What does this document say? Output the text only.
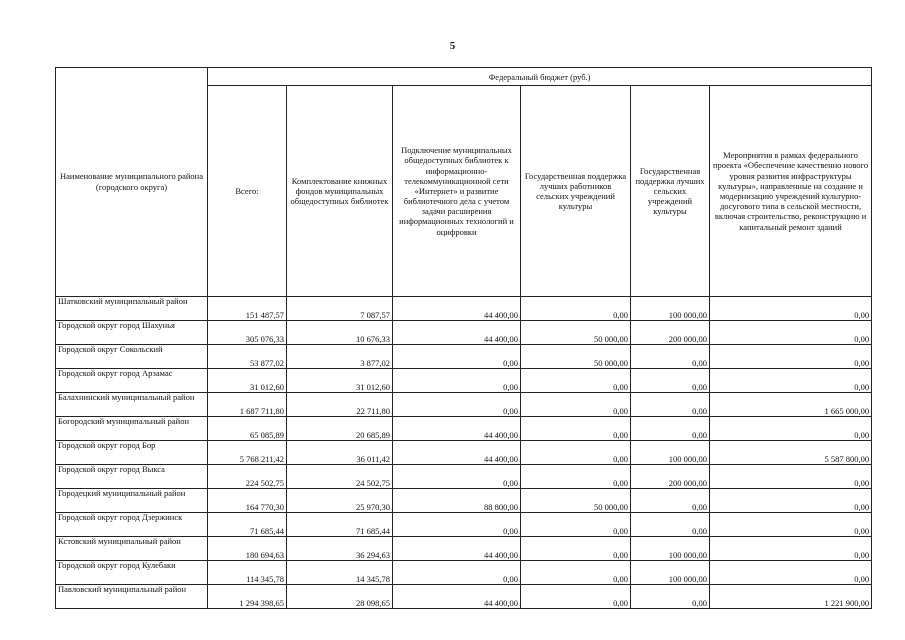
5
Наименование муниципального района (городского округа)	Федеральный бюджет (руб.)					
	Всего:	Комплектование книжных фондов муниципальных общедоступных библиотек	Подключение муниципальных общедоступных библиотек к информационно-телекоммуникационной сети «Интернет» и развитие библиотечного дела с учетом задачи расширения информационных технологий и оцифровки	Государственная поддержка лучших работников сельских учреждений культуры	Государственная поддержка лучших сельских учреждений культуры	Мероприятия в рамках федерального проекта «Обеспечение качественно нового уровня развития инфраструктуры культуры», направленные на создание и модернизацию учреждений культурно-досугового типа в сельской местности, включая строительство, реконструкцию и капитальный ремонт зданий
Шатковский муниципальный район	151 487,57	7 087,57	44 400,00	0,00	100 000,00	0,00
Городской округ город Шахунья	305 076,33	10 676,33	44 400,00	50 000,00	200 000,00	0,00
Городской округ Сокольский	53 877,02	3 877,02	0,00	50 000,00	0,00	0,00
Городской округ город Арзамас	31 012,60	31 012,60	0,00	0,00	0,00	0,00
Балахнинский муниципальный район	1 687 711,80	22 711,80	0,00	0,00	0,00	1 665 000,00
Богородский муниципальный район	65 085,89	20 685,89	44 400,00	0,00	0,00	0,00
Городской округ город Бор	5 768 211,42	36 011,42	44 400,00	0,00	100 000,00	5 587 800,00
Городской округ город Выкса	224 502,75	24 502,75	0,00	0,00	200 000,00	0,00
Городецкий муниципальный район	164 770,30	25 970,30	88 800,00	50 000,00	0,00	0,00
Городской округ город Дзержинск	71 685,44	71 685,44	0,00	0,00	0,00	0,00
Кстовский муниципальный район	180 694,63	36 294,63	44 400,00	0,00	100 000,00	0,00
Городской округ город Кулебаки	114 345,78	14 345,78	0,00	0,00	100 000,00	0,00
Павловский муниципальный район	1 294 398,65	28 098,65	44 400,00	0,00	0,00	1 221 900,00
